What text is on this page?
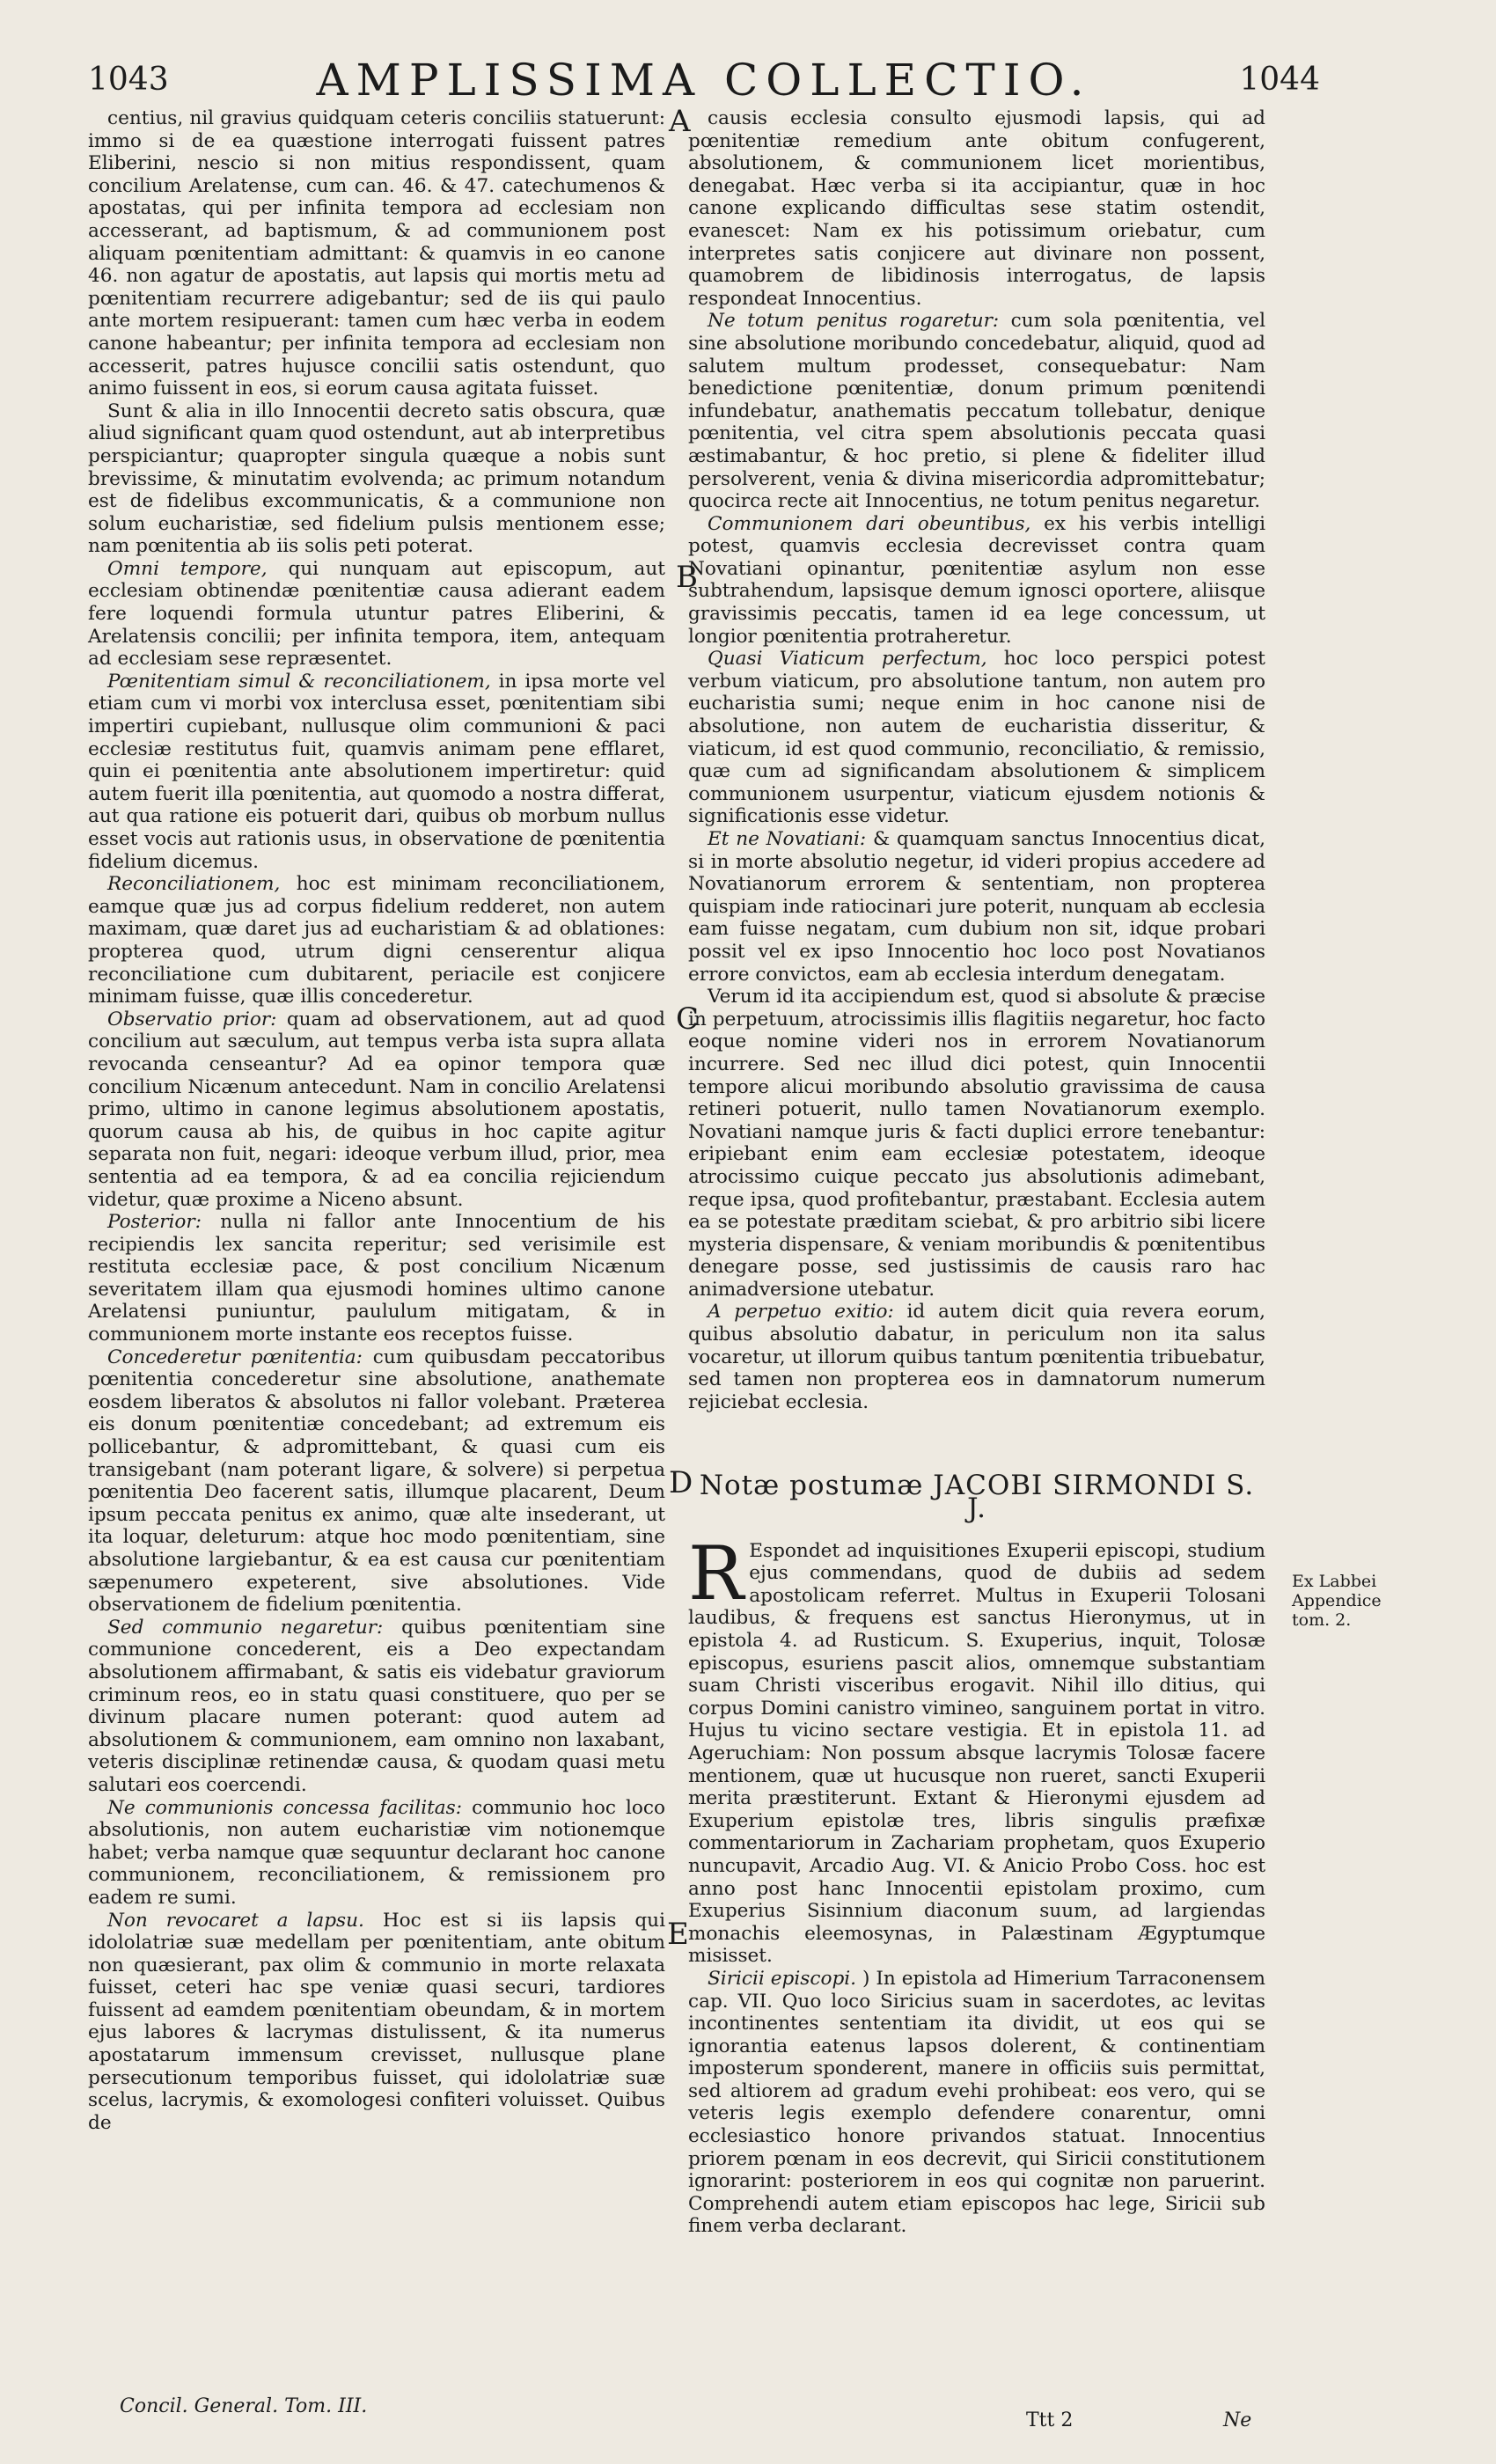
1043	AMPLISSIMA COLLECTIO.	1044
A
B
C
D
E

centius, nil gravius quidquam ceteris conciliis statuerunt: immo si de ea quæstione interrogati fuissent patres Eliberini, nescio si non mitius respondissent, quam concilium Arelatense, cum can. 46. & 47. catechumenos & apostatas, qui per infinita tempora ad ecclesiam non accesserant, ad baptismum, & ad communionem post aliquam pœnitentiam admittant: & quamvis in eo canone 46. non agatur de apostatis, aut lapsis qui mortis metu ad pœnitentiam recurrere adigebantur; sed de iis qui paulo ante mortem resipuerant: tamen cum hæc verba in eodem canone habeantur; per infinita tempora ad ecclesiam non accesserit, patres hujusce concilii satis ostendunt, quo animo fuissent in eos, si eorum causa agitata fuisset.

Sunt & alia in illo Innocentii decreto satis obscura, quæ aliud significant quam quod ostendunt, aut ab interpretibus perspiciantur; quapropter singula quæque a nobis sunt brevissime, & minutatim evolvenda; ac primum notandum est de fidelibus excommunicatis, & a communione non solum eucharistiæ, sed fidelium pulsis mentionem esse; nam pœnitentia ab iis solis peti poterat.

Omni tempore, qui nunquam aut episcopum, aut ecclesiam obtinendæ pœnitentiæ causa adierant eadem fere loquendi formula utuntur patres Eliberini, & Arelatensis concilii; per infinita tempora, item, antequam ad ecclesiam sese repræsentet.

Pœnitentiam simul & reconciliationem, in ipsa morte vel etiam cum vi morbi vox interclusa esset, pœnitentiam sibi impertiri cupiebant, nullusque olim communioni & paci ecclesiæ restitutus fuit, quamvis animam pene efflaret, quin ei pœnitentia ante absolutionem impertiretur: quid autem fuerit illa pœnitentia, aut quomodo a nostra differat, aut qua ratione eis potuerit dari, quibus ob morbum nullus esset vocis aut rationis usus, in observatione de pœnitentia fidelium dicemus.

Reconciliationem, hoc est minimam reconciliationem, eamque quæ jus ad corpus fidelium redderet, non autem maximam, quæ daret jus ad eucharistiam & ad oblationes: propterea quod, utrum digni censerentur aliqua reconciliatione cum dubitarent, periacile est conjicere minimam fuisse, quæ illis concederetur.

Observatio prior: quam ad observationem, aut ad quod concilium aut sæculum, aut tempus verba ista supra allata revocanda censeantur? Ad ea opinor tempora quæ concilium Nicænum antecedunt. Nam in concilio Arelatensi primo, ultimo in canone legimus absolutionem apostatis, quorum causa ab his, de quibus in hoc capite agitur separata non fuit, negari: ideoque verbum illud, prior, mea sententia ad ea tempora, & ad ea concilia rejiciendum videtur, quæ proxime a Niceno absunt.

Posterior: nulla ni fallor ante Innocentium de his recipiendis lex sancita reperitur; sed verisimile est restitutа ecclesiæ pace, & post concilium Nicænum severitatem illam qua ejusmodi homines ultimo canone Arelatensi puniuntur, paululum mitigatam, & in communionem morte instante eos receptos fuisse.

Concederetur pœnitentia: cum quibusdam peccatoribus pœnitentia concederetur sine absolutione, anathemate eosdem liberatos & absolutos ni fallor volebant. Præterea eis donum pœnitentiæ concedebant; ad extremum eis pollicebantur, & adpromittebant, & quasi cum eis transigebant (nam poterant ligare, & solvere) si perpetua pœnitentia Deo facerent satis, illumque placarent, Deum ipsum peccata penitus ex animo, quæ alte insederant, ut ita loquar, deleturum: atque hoc modo pœnitentiam, sine absolutione largiebantur, & ea est causa cur pœnitentiam sæpenumero expeterent, sive absolutiones. Vide observationem de fidelium pœnitentia.

Sed communio negaretur: quibus pœnitentiam sine communione concederent, eis a Deo expectandam absolutionem affirmabant, & satis eis videbatur graviorum criminum reos, eo in statu quasi constituere, quo per se divinum placare numen poterant: quod autem ad absolutionem & communionem, eam omnino non laxabant, veteris disciplinæ retinendæ causa, & quodam quasi metu salutari eos coercendi.

Ne communionis concessa facilitas: communio hoc loco absolutionis, non autem eucharistiæ vim notionemque habet; verba namque quæ sequuntur declarant hoc canone communionem, reconciliationem, & remissionem pro eadem re sumi.

Non revocaret a lapsu. Hoc est si iis lapsis qui idololatriæ suæ medellam per pœnitentiam, ante obitum non quæsierant, pax olim & communio in morte relaxata fuisset, ceteri hac spe veniæ quasi securi, tardiores fuissent ad eamdem pœnitentiam obeundam, & in mortem ejus labores & lacrymas distulissent, & ita numerus apostatarum immensum crevisset, nullusque plane persecutionum temporibus fuisset, qui idololatriæ suæ scelus, lacrymis, & exomologesi confiteri voluisset. Quibus de

causis ecclesia consulto ejusmodi lapsis, qui ad pœnitentiæ remedium ante obitum confugerent, absolutionem, & communionem licet morientibus, denegabat. Hæc verba si ita accipiantur, quæ in hoc canone explicando difficultas sese statim ostendit, evanescet: Nam ex his potissimum oriebatur, cum interpretes satis conjicere aut divinare non possent, quamobrem de libidinosis interrogatus, de lapsis respondeat Innocentius.

Ne totum penitus rogaretur: cum sola pœnitentia, vel sine absolutione moribundo concedebatur, aliquid, quod ad salutem multum prodesset, consequebatur: Nam benedictione pœnitentiæ, donum primum pœnitendi infundebatur, anathematis peccatum tollebatur, denique pœnitentia, vel citra spem absolutionis peccata quasi æstimabantur, & hoc pretio, si plene & fideliter illud persolverent, venia & divina misericordia adpromittebatur; quocirca recte ait Innocentius, ne totum penitus negaretur.

Communionem dari obeuntibus, ex his verbis intelligi potest, quamvis ecclesia decrevisset contra quam Novatiani opinantur, pœnitentiæ asylum non esse subtrahendum, lapsisque demum ignosci oportere, aliisque gravissimis peccatis, tamen id ea lege concessum, ut longior pœnitentia protraheretur.

Quasi Viaticum perfectum, hoc loco perspici potest verbum viaticum, pro absolutione tantum, non autem pro eucharistia sumi; neque enim in hoc canone nisi de absolutione, non autem de eucharistia disseritur, & viaticum, id est quod communio, reconciliatio, & remissio, quæ cum ad significandam absolutionem & simplicem communionem usurpentur, viaticum ejusdem notionis & significationis esse videtur.

Et ne Novatiani: & quamquam sanctus Innocentius dicat, si in morte absolutio negetur, id videri propius accedere ad Novatianorum errorem & sententiam, non propterea quispiam inde ratiocinari jure poterit, nunquam ab ecclesia eam fuisse negatam, cum dubium non sit, idque probari possit vel ex ipso Innocentio hoc loco post Novatianos errore convictos, eam ab ecclesia interdum denegatam.

Verum id ita accipiendum est, quod si absolute & præcise in perpetuum, atrocissimis illis flagitiis negaretur, hoc facto eoque nomine videri nos in errorem Novatianorum incurrere. Sed nec illud dici potest, quin Innocentii tempore alicui moribundo absolutio gravissima de causa retineri potuerit, nullo tamen Novatianorum exemplo. Novatiani namque juris & facti duplici errore tenebantur: eripiebant enim eam ecclesiæ potestatem, ideoque atrocissimo cuique peccato jus absolutionis adimebant, reque ipsa, quod profitebantur, præstabant. Ecclesia autem ea se potestate præditam sciebat, & pro arbitrio sibi licere mysteria dispensare, & veniam moribundis & pœnitentibus denegare posse, sed justissimis de causis raro hac animadversione utebatur.

A perpetuo exitio: id autem dicit quia revera eorum, quibus absolutio dabatur, in periculum non ita salus vocaretur, ut illorum quibus tantum pœnitentia tribuebatur, sed tamen non propterea eos in damnatorum numerum rejiciebat ecclesia.

Notæ postumæ JACOBI SIRMONDI S. J.

R Espondet ad inquisitiones Exuperii episcopi, studium ejus commendans, quod de dubiis ad sedem apostolicam referret. Multus in Exuperii Tolosani laudibus, & frequens est sanctus Hieronymus, ut in epistola 4. ad Rusticum. S. Exuperius, inquit, Tolosæ episcopus, esuriens pascit alios, omnemque substantiam suam Christi visceribus erogavit. Nihil illo ditius, qui corpus Domini canistro vimineo, sanguinem portat in vitro. Hujus tu vicino sectare vestigia. Et in epistola 11. ad Ageruchiam: Non possum absque lacrymis Tolosæ facere mentionem, quæ ut hucusque non rueret, sancti Exuperii merita præstiterunt. Extant & Hieronymi ejusdem ad Exuperium epistolæ tres, libris singulis præfixæ commentariorum in Zachariam prophetam, quos Exuperio nuncupavit, Arcadio Aug. VI. & Anicio Probo Coss. hoc est anno post hanc Innocentii epistolam proximo, cum Exuperius Sisinnium diaconum suum, ad largiendas monachis eleemosynas, in Palæstinam Ægyptumque misisset.

Siricii episcopi. ) In epistola ad Himerium Tarraconensem cap. VII. Quo loco Siricius suam in sacerdotes, ac levitas incontinentes sententiam ita dividit, ut eos qui se ignorantia eatenus lapsos dolerent, & continentiam imposterum sponderent, manere in officiis suis permittat, sed altiorem ad gradum evehi prohibeat: eos vero, qui se veteris legis exemplo defendere conarentur, omni ecclesiastico honore privandos statuat. Innocentius priorem pœnam in eos decrevit, qui Siricii constitutionem ignorarint: posteriorem in eos qui cognitæ non paruerint. Comprehendi autem etiam episcopos hac lege, Siricii sub finem verba declarant.

Ex Labbei Appendice tom. 2.
Concil. General. Tom. III.
Ttt 2	Ne
